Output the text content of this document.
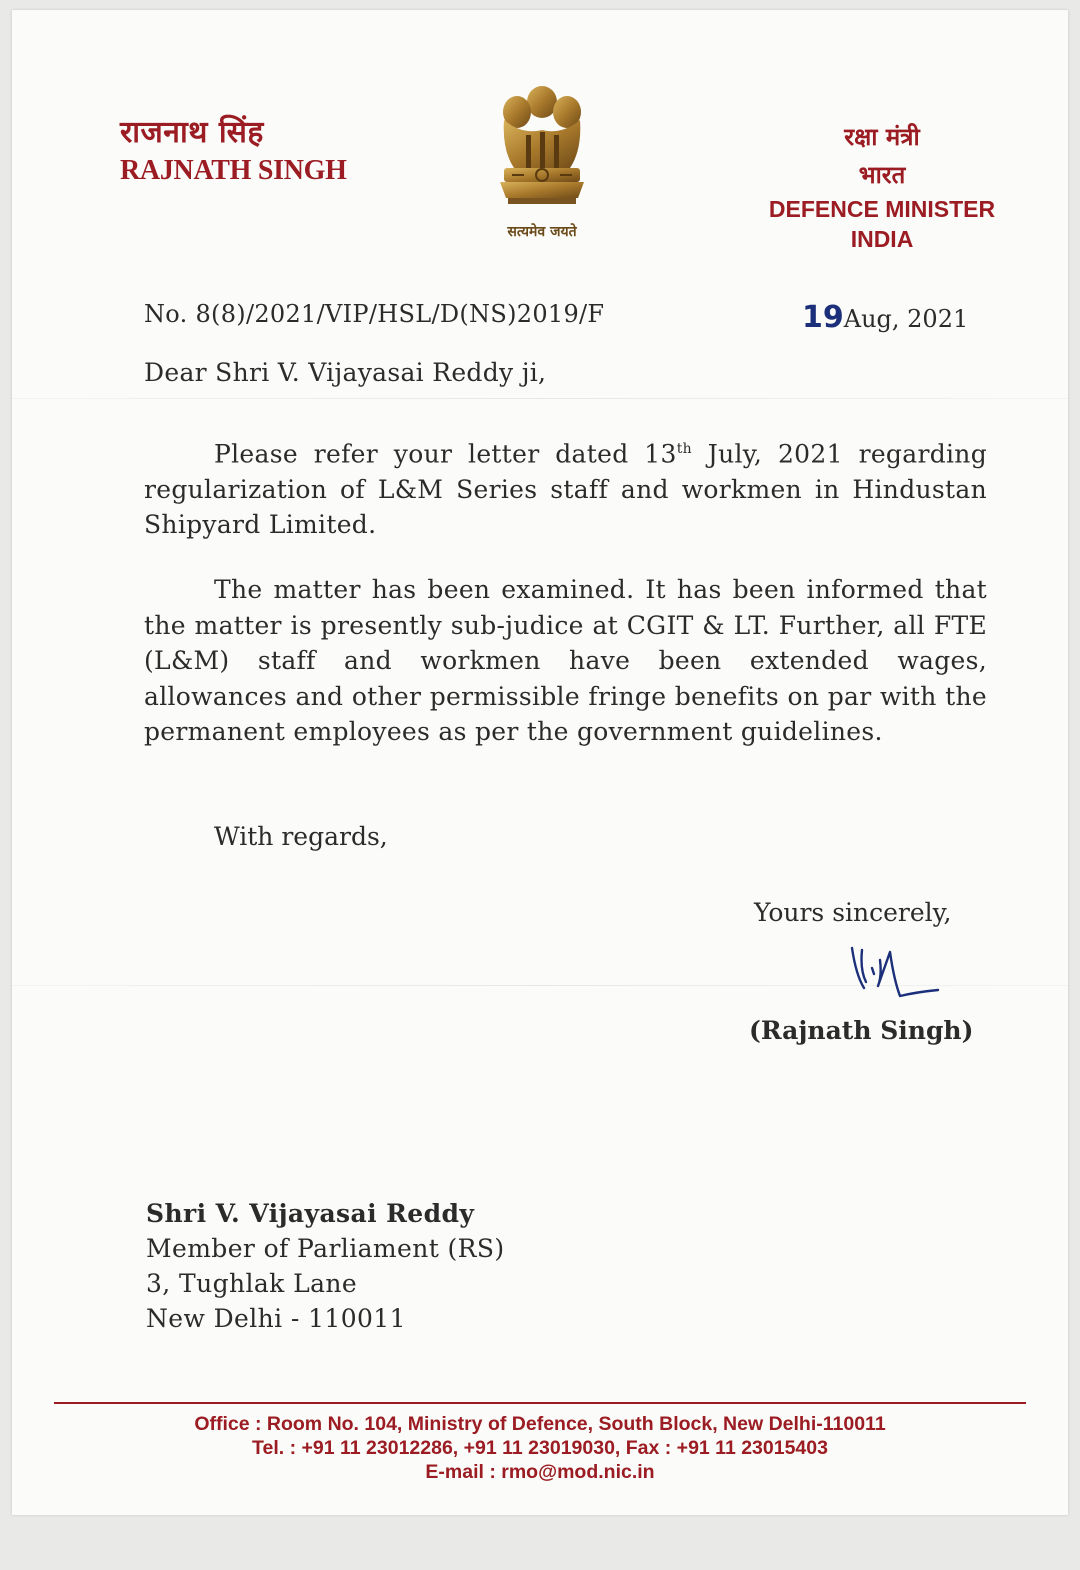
राजनाथ सिंह
RAJNATH SINGH
सत्यमेव जयते
रक्षा मंत्री
भारत
DEFENCE MINISTER
INDIA
No. 8(8)/2021/VIP/HSL/D(NS)2019/F	19Aug, 2021
Dear Shri V. Vijayasai Reddy ji,
Please refer your letter dated 13th July, 2021 regarding regularization of L&M Series staff and workmen in Hindustan Shipyard Limited.
The matter has been examined. It has been informed that the matter is presently sub-judice at CGIT & LT. Further, all FTE (L&M) staff and workmen have been extended wages, allowances and other permissible fringe benefits on par with the permanent employees as per the government guidelines.
With regards,
Yours sincerely,
(Rajnath Singh)
Shri V. Vijayasai Reddy
Member of Parliament (RS)
3, Tughlak Lane
New Delhi - 110011
Office : Room No. 104, Ministry of Defence, South Block, New Delhi-110011
Tel. : +91 11 23012286, +91 11 23019030, Fax : +91 11 23015403
E-mail : rmo@mod.nic.in
